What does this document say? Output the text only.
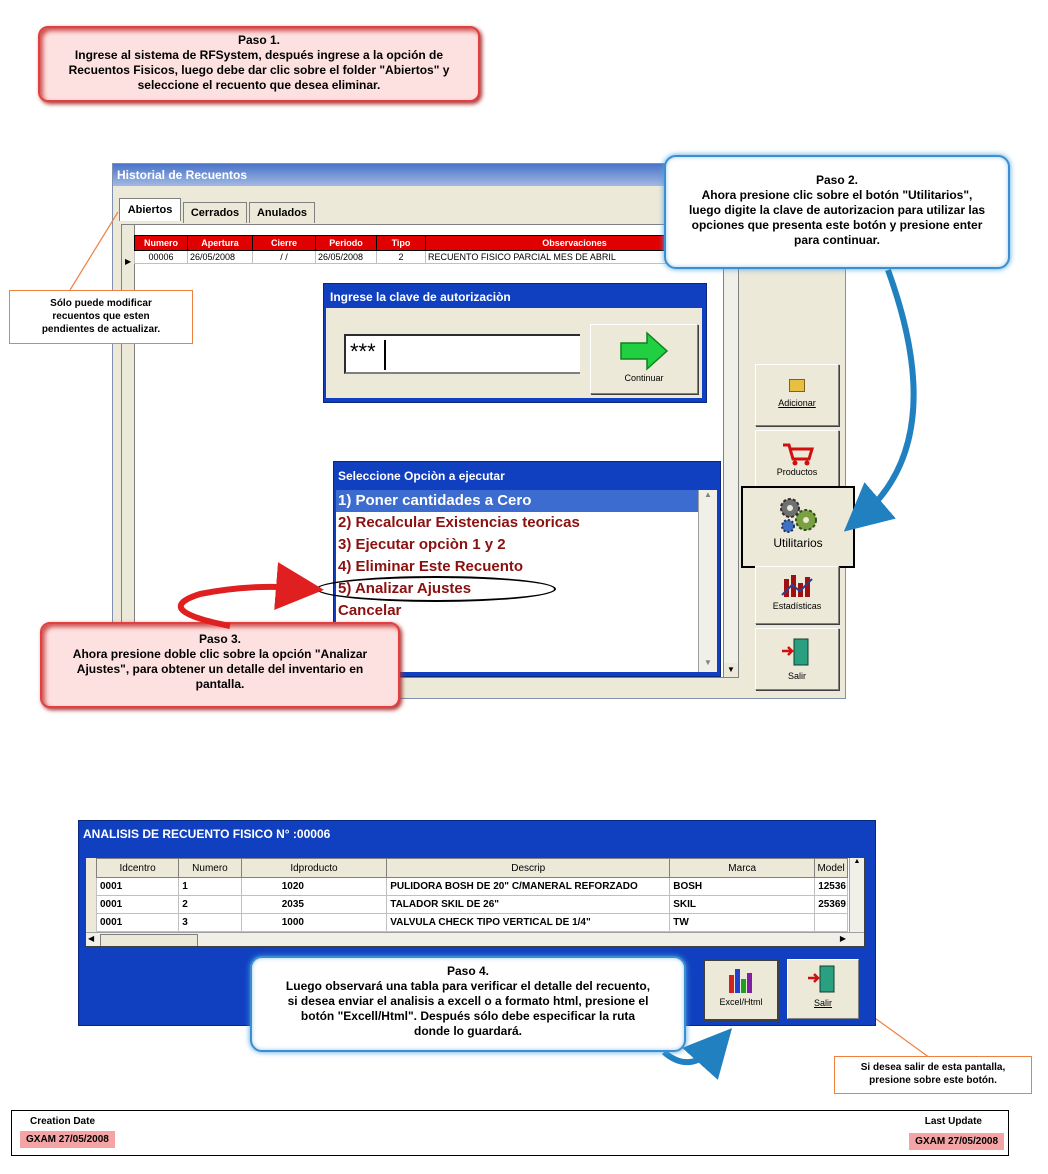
Paso 1.
Ingrese al sistema de RFSystem, después ingrese a la opción de Recuentos Fisicos, luego debe dar clic sobre el folder "Abiertos" y seleccione el recuento que desea eliminar.
Historial de Recuentos
Abiertos	Cerrados	Anulados
▶
Numero	Apertura	Cierre	Periodo	Tipo	Observaciones
00006	26/05/2008	/ /	26/05/2008	2	RECUENTO FISICO PARCIAL MES DE ABRIL
▼
Adicionar
Productos
Utilitarios
Estadísticas
Salir
Ingrese la clave de autorizaciòn
***
Continuar
Seleccione Opciòn a ejecutar
1) Poner cantidades a Cero
2) Recalcular Existencias teoricas
3) Ejecutar opciòn 1 y 2
4) Eliminar Este Recuento
5) Analizar Ajustes
Cancelar
▲
▼
Paso 2.
Ahora presione clic sobre el botón "Utilitarios", luego digite la clave de autorizacion para utilizar las opciones que presenta este botón y presione enter para continuar.
Sólo puede modificar recuentos que esten pendientes de actualizar.
Paso 3.
Ahora presione doble clic sobre la opción "Analizar Ajustes", para obtener un detalle del inventario en pantalla.
ANALISIS DE RECUENTO FISICO N° :00006
Idcentro	Numero	Idproducto	Descrip	Marca	Model
0001	1	1020	PULIDORA BOSH DE 20" C/MANERAL REFORZADO	BOSH	12536
0001	2	2035	TALADOR SKIL DE 26"	SKIL	25369
0001	3	1000	VALVULA CHECK TIPO VERTICAL DE 1/4"	TW	
▲
◀	▶
Excel/Html	Salir
Paso 4.
Luego observará una tabla para verificar el detalle del recuento, si desea enviar el analisis a excell o a formato html, presione el botón "Excell/Html". Después sólo debe especificar la ruta donde lo guardará.
Si desea salir de esta pantalla, presione sobre este botón.
Creation Date
GXAM 27/05/2008
Last Update
GXAM 27/05/2008
